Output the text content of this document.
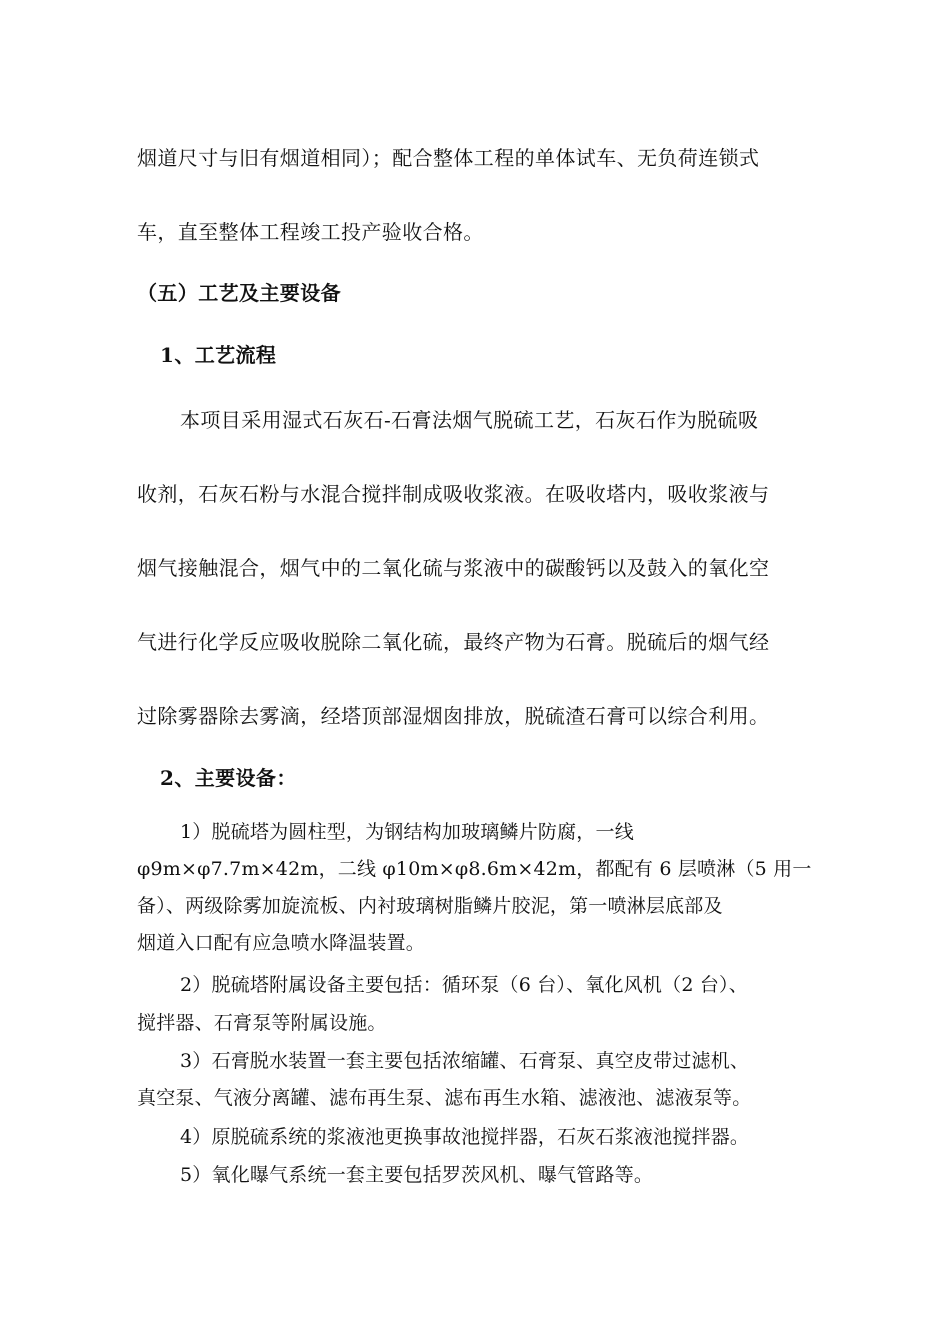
烟道尺寸与旧有烟道相同）；配合整体工程的单体试车、无负荷连锁式
车，直至整体工程竣工投产验收合格。
（五）工艺及主要设备
1、工艺流程
本项目采用湿式石灰石-石膏法烟气脱硫工艺，石灰石作为脱硫吸
收剂，石灰石粉与水混合搅拌制成吸收浆液。在吸收塔内，吸收浆液与
烟气接触混合，烟气中的二氧化硫与浆液中的碳酸钙以及鼓入的氧化空
气进行化学反应吸收脱除二氧化硫，最终产物为石膏。脱硫后的烟气经
过除雾器除去雾滴，经塔顶部湿烟囱排放，脱硫渣石膏可以综合利用。
2、主要设备：
1）脱硫塔为圆柱型，为钢结构加玻璃鳞片防腐，一线
φ9m×φ7.7m×42m，二线 φ10m×φ8.6m×42m，都配有 6 层喷淋（5 用一
备）、两级除雾加旋流板、内衬玻璃树脂鳞片胶泥，第一喷淋层底部及
烟道入口配有应急喷水降温装置。
2）脱硫塔附属设备主要包括：循环泵（6 台）、氧化风机（2 台）、
搅拌器、石膏泵等附属设施。
3）石膏脱水装置一套主要包括浓缩罐、石膏泵、真空皮带过滤机、
真空泵、气液分离罐、滤布再生泵、滤布再生水箱、滤液池、滤液泵等。
4）原脱硫系统的浆液池更换事故池搅拌器，石灰石浆液池搅拌器。
5）氧化曝气系统一套主要包括罗茨风机、曝气管路等。
